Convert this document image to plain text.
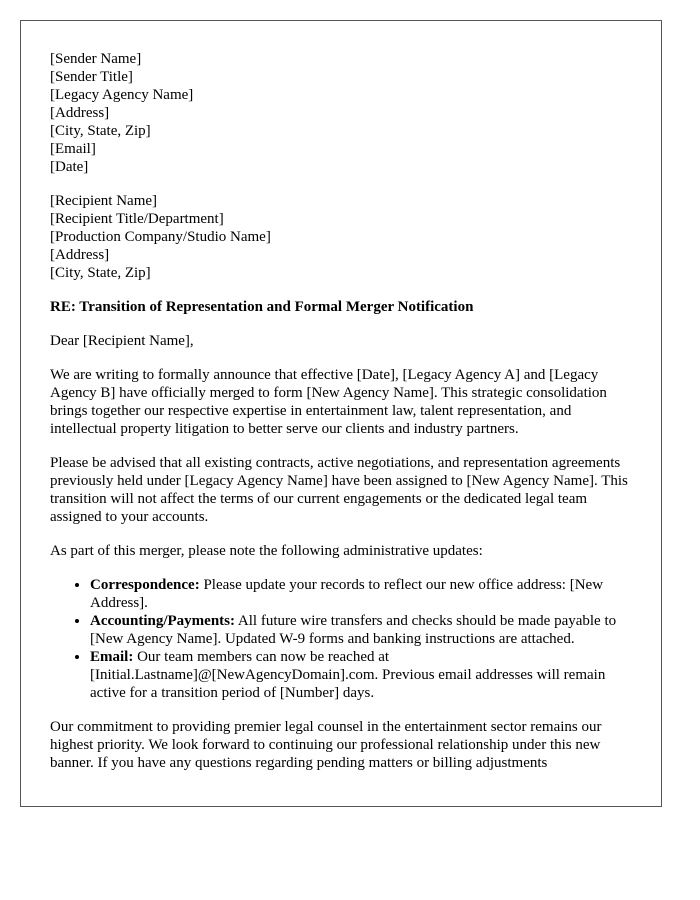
[Sender Name]
[Sender Title]
[Legacy Agency Name]
[Address]
[City, State, Zip]
[Email]
[Date]
[Recipient Name]
[Recipient Title/Department]
[Production Company/Studio Name]
[Address]
[City, State, Zip]
RE: Transition of Representation and Formal Merger Notification

Dear [Recipient Name],

We are writing to formally announce that effective [Date], [Legacy Agency A] and [Legacy Agency B] have officially merged to form [New Agency Name]. This strategic consolidation brings together our respective expertise in entertainment law, talent representation, and intellectual property litigation to better serve our clients and industry partners.

Please be advised that all existing contracts, active negotiations, and representation agreements previously held under [Legacy Agency Name] have been assigned to [New Agency Name]. This transition will not affect the terms of our current engagements or the dedicated legal team assigned to your accounts.

As part of this merger, please note the following administrative updates:

• Correspondence: Please update your records to reflect our new office address: [New Address].
• Accounting/Payments: All future wire transfers and checks should be made payable to [New Agency Name]. Updated W-9 forms and banking instructions are attached.
• Email: Our team members can now be reached at [Initial.Lastname]@[NewAgencyDomain].com. Previous email addresses will remain active for a transition period of [Number] days.

Our commitment to providing premier legal counsel in the entertainment sector remains our highest priority. We look forward to continuing our professional relationship under this new banner. If you have any questions regarding pending matters or billing adjustments
